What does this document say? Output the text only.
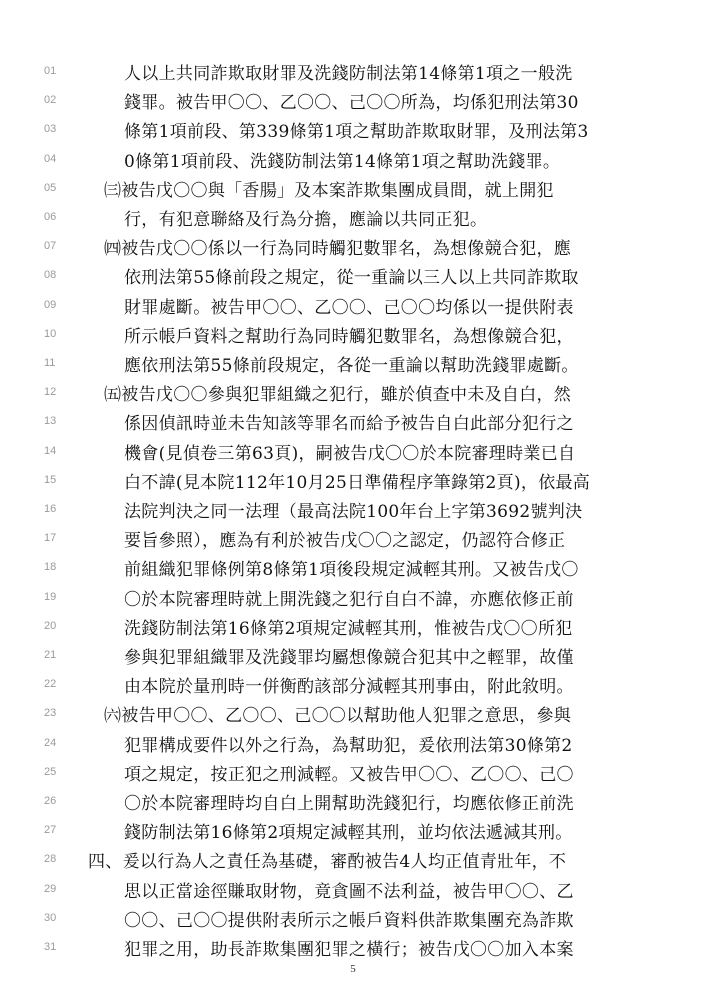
01	人以上共同詐欺取財罪及洗錢防制法第14條第1項之一般洗
02	錢罪。被告甲〇〇、乙〇〇、己〇〇所為，均係犯刑法第30
03	條第1項前段、第339條第1項之幫助詐欺取財罪，及刑法第3
04	0條第1項前段、洗錢防制法第14條第1項之幫助洗錢罪。
05	㈢被告戊〇〇與「香腸」及本案詐欺集團成員間，就上開犯
06	行，有犯意聯絡及行為分擔，應論以共同正犯。
07	㈣被告戊〇〇係以一行為同時觸犯數罪名，為想像競合犯，應
08	依刑法第55條前段之規定，從一重論以三人以上共同詐欺取
09	財罪處斷。被告甲〇〇、乙〇〇、己〇〇均係以一提供附表
10	所示帳戶資料之幫助行為同時觸犯數罪名，為想像競合犯，
11	應依刑法第55條前段規定，各從一重論以幫助洗錢罪處斷。
12	㈤被告戊〇〇參與犯罪組織之犯行，雖於偵查中未及自白，然
13	係因偵訊時並未告知該等罪名而給予被告自白此部分犯行之
14	機會(見偵卷三第63頁)，嗣被告戊〇〇於本院審理時業已自
15	白不諱(見本院112年10月25日準備程序筆錄第2頁)，依最高
16	法院判決之同一法理（最高法院100年台上字第3692號判決
17	要旨參照），應為有利於被告戊〇〇之認定，仍認符合修正
18	前組織犯罪條例第8條第1項後段規定減輕其刑。又被告戊〇
19	〇於本院審理時就上開洗錢之犯行自白不諱，亦應依修正前
20	洗錢防制法第16條第2項規定減輕其刑，惟被告戊〇〇所犯
21	參與犯罪組織罪及洗錢罪均屬想像競合犯其中之輕罪，故僅
22	由本院於量刑時一併衡酌該部分減輕其刑事由，附此敘明。
23	㈥被告甲〇〇、乙〇〇、己〇〇以幫助他人犯罪之意思，參與
24	犯罪構成要件以外之行為，為幫助犯，爰依刑法第30條第2
25	項之規定，按正犯之刑減輕。又被告甲〇〇、乙〇〇、己〇
26	〇於本院審理時均自白上開幫助洗錢犯行，均應依修正前洗
27	錢防制法第16條第2項規定減輕其刑，並均依法遞減其刑。
28	四、爰以行為人之責任為基礎，審酌被告4人均正值青壯年，不
29	思以正當途徑賺取財物，竟貪圖不法利益，被告甲〇〇、乙
30	〇〇、己〇〇提供附表所示之帳戶資料供詐欺集團充為詐欺
31	犯罪之用，助長詐欺集團犯罪之橫行；被告戊〇〇加入本案
5
